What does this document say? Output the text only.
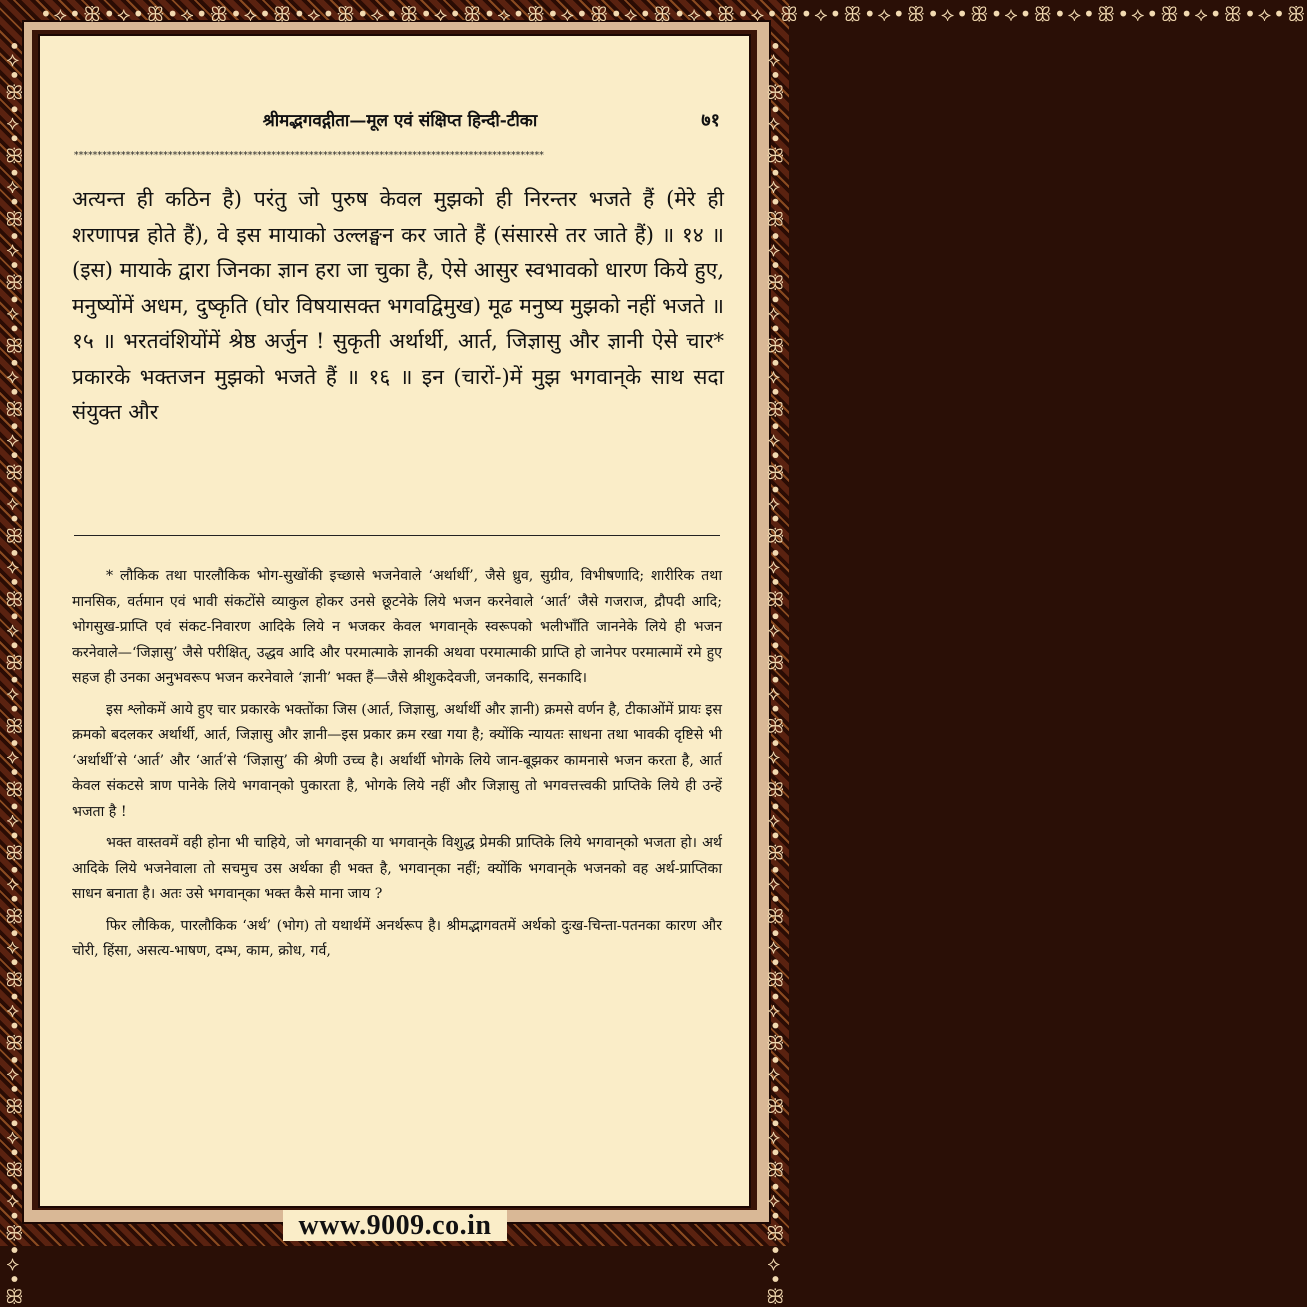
•⟡•ꕥ•⟡•ꕥ•⟡•ꕥ•⟡•ꕥ•⟡•ꕥ•⟡•ꕥ•⟡•ꕥ•⟡•ꕥ•⟡•ꕥ•⟡•ꕥ•⟡•ꕥ•⟡•ꕥ•⟡•ꕥ•⟡•ꕥ•⟡•ꕥ•⟡•ꕥ•⟡•ꕥ•⟡•ꕥ•⟡•ꕥ•⟡•ꕥ
•⟡•ꕥ•⟡•ꕥ•⟡•ꕥ•⟡•ꕥ•⟡•ꕥ•⟡•ꕥ•⟡•ꕥ•⟡•ꕥ•⟡•ꕥ•⟡•ꕥ•⟡•ꕥ•⟡•ꕥ•⟡•ꕥ•⟡•ꕥ•⟡•ꕥ•⟡•ꕥ•⟡•ꕥ•⟡•ꕥ•⟡•ꕥ•⟡•ꕥ	•⟡•ꕥ•⟡•ꕥ•⟡•ꕥ•⟡•ꕥ•⟡•ꕥ•⟡•ꕥ•⟡•ꕥ•⟡•ꕥ•⟡•ꕥ•⟡•ꕥ•⟡•ꕥ•⟡•ꕥ•⟡•ꕥ•⟡•ꕥ•⟡•ꕥ•⟡•ꕥ•⟡•ꕥ•⟡•ꕥ•⟡•ꕥ•⟡•ꕥ
श्रीमद्भगवद्गीता—मूल एवं संक्षिप्त हिन्दी-टीका	७१
****************************************************************************************************
अत्यन्त ही कठिन है) परंतु जो पुरुष केवल मुझको ही निरन्तर भजते हैं (मेरे ही शरणापन्न होते हैं), वे इस मायाको उल्लङ्घन कर जाते हैं (संसारसे तर जाते हैं) ॥ १४ ॥ (इस) मायाके द्वारा जिनका ज्ञान हरा जा चुका है, ऐसे आसुर स्वभावको धारण किये हुए, मनुष्योंमें अधम, दुष्कृति (घोर विषयासक्त भगवद्विमुख) मूढ मनुष्य मुझको नहीं भजते ॥ १५ ॥ भरतवंशियोंमें श्रेष्ठ अर्जुन ! सुकृती अर्थार्थी, आर्त, जिज्ञासु और ज्ञानी ऐसे चार* प्रकारके भक्तजन मुझको भजते हैं ॥ १६ ॥ इन (चारों-)में मुझ भगवान्‌के साथ सदा संयुक्त और

* लौकिक तथा पारलौकिक भोग-सुखोंकी इच्छासे भजनेवाले ‘अर्थार्थी’, जैसे ध्रुव, सुग्रीव, विभीषणादि; शारीरिक तथा मानसिक, वर्तमान एवं भावी संकटोंसे व्याकुल होकर उनसे छूटनेके लिये भजन करनेवाले ‘आर्त’ जैसे गजराज, द्रौपदी आदि; भोगसुख-प्राप्ति एवं संकट-निवारण आदिके लिये न भजकर केवल भगवान्‌के स्वरूपको भलीभाँति जाननेके लिये ही भजन करनेवाले—‘जिज्ञासु’ जैसे परीक्षित्, उद्धव आदि और परमात्माके ज्ञानकी अथवा परमात्माकी प्राप्ति हो जानेपर परमात्मामें रमे हुए सहज ही उनका अनुभवरूप भजन करनेवाले ‘ज्ञानी’ भक्त हैं—जैसे श्रीशुकदेवजी, जनकादि, सनकादि।

इस श्लोकमें आये हुए चार प्रकारके भक्तोंका जिस (आर्त, जिज्ञासु, अर्थार्थी और ज्ञानी) क्रमसे वर्णन है, टीकाओंमें प्रायः इस क्रमको बदलकर अर्थार्थी, आर्त, जिज्ञासु और ज्ञानी—इस प्रकार क्रम रखा गया है; क्योंकि न्यायतः साधना तथा भावकी दृष्टिसे भी ‘अर्थार्थी’से ‘आर्त’ और ‘आर्त’से ‘जिज्ञासु’ की श्रेणी उच्च है। अर्थार्थी भोगके लिये जान-बूझकर कामनासे भजन करता है, आर्त केवल संकटसे त्राण पानेके लिये भगवान्‌को पुकारता है, भोगके लिये नहीं और जिज्ञासु तो भगवत्तत्त्वकी प्राप्तिके लिये ही उन्हें भजता है !

भक्त वास्तवमें वही होना भी चाहिये, जो भगवान्‌की या भगवान्‌के विशुद्ध प्रेमकी प्राप्तिके लिये भगवान्‌को भजता हो। अर्थ आदिके लिये भजनेवाला तो सचमुच उस अर्थका ही भक्त है, भगवान्‌का नहीं; क्योंकि भगवान्‌के भजनको वह अर्थ-प्राप्तिका साधन बनाता है। अतः उसे भगवान्‌का भक्त कैसे माना जाय ?

फिर लौकिक, पारलौकिक ‘अर्थ’ (भोग) तो यथार्थमें अनर्थरूप है। श्रीमद्भागवतमें अर्थको दुःख-चिन्ता-पतनका कारण और चोरी, हिंसा, असत्य-भाषण, दम्भ, काम, क्रोध, गर्व,

www.9009.co.in
